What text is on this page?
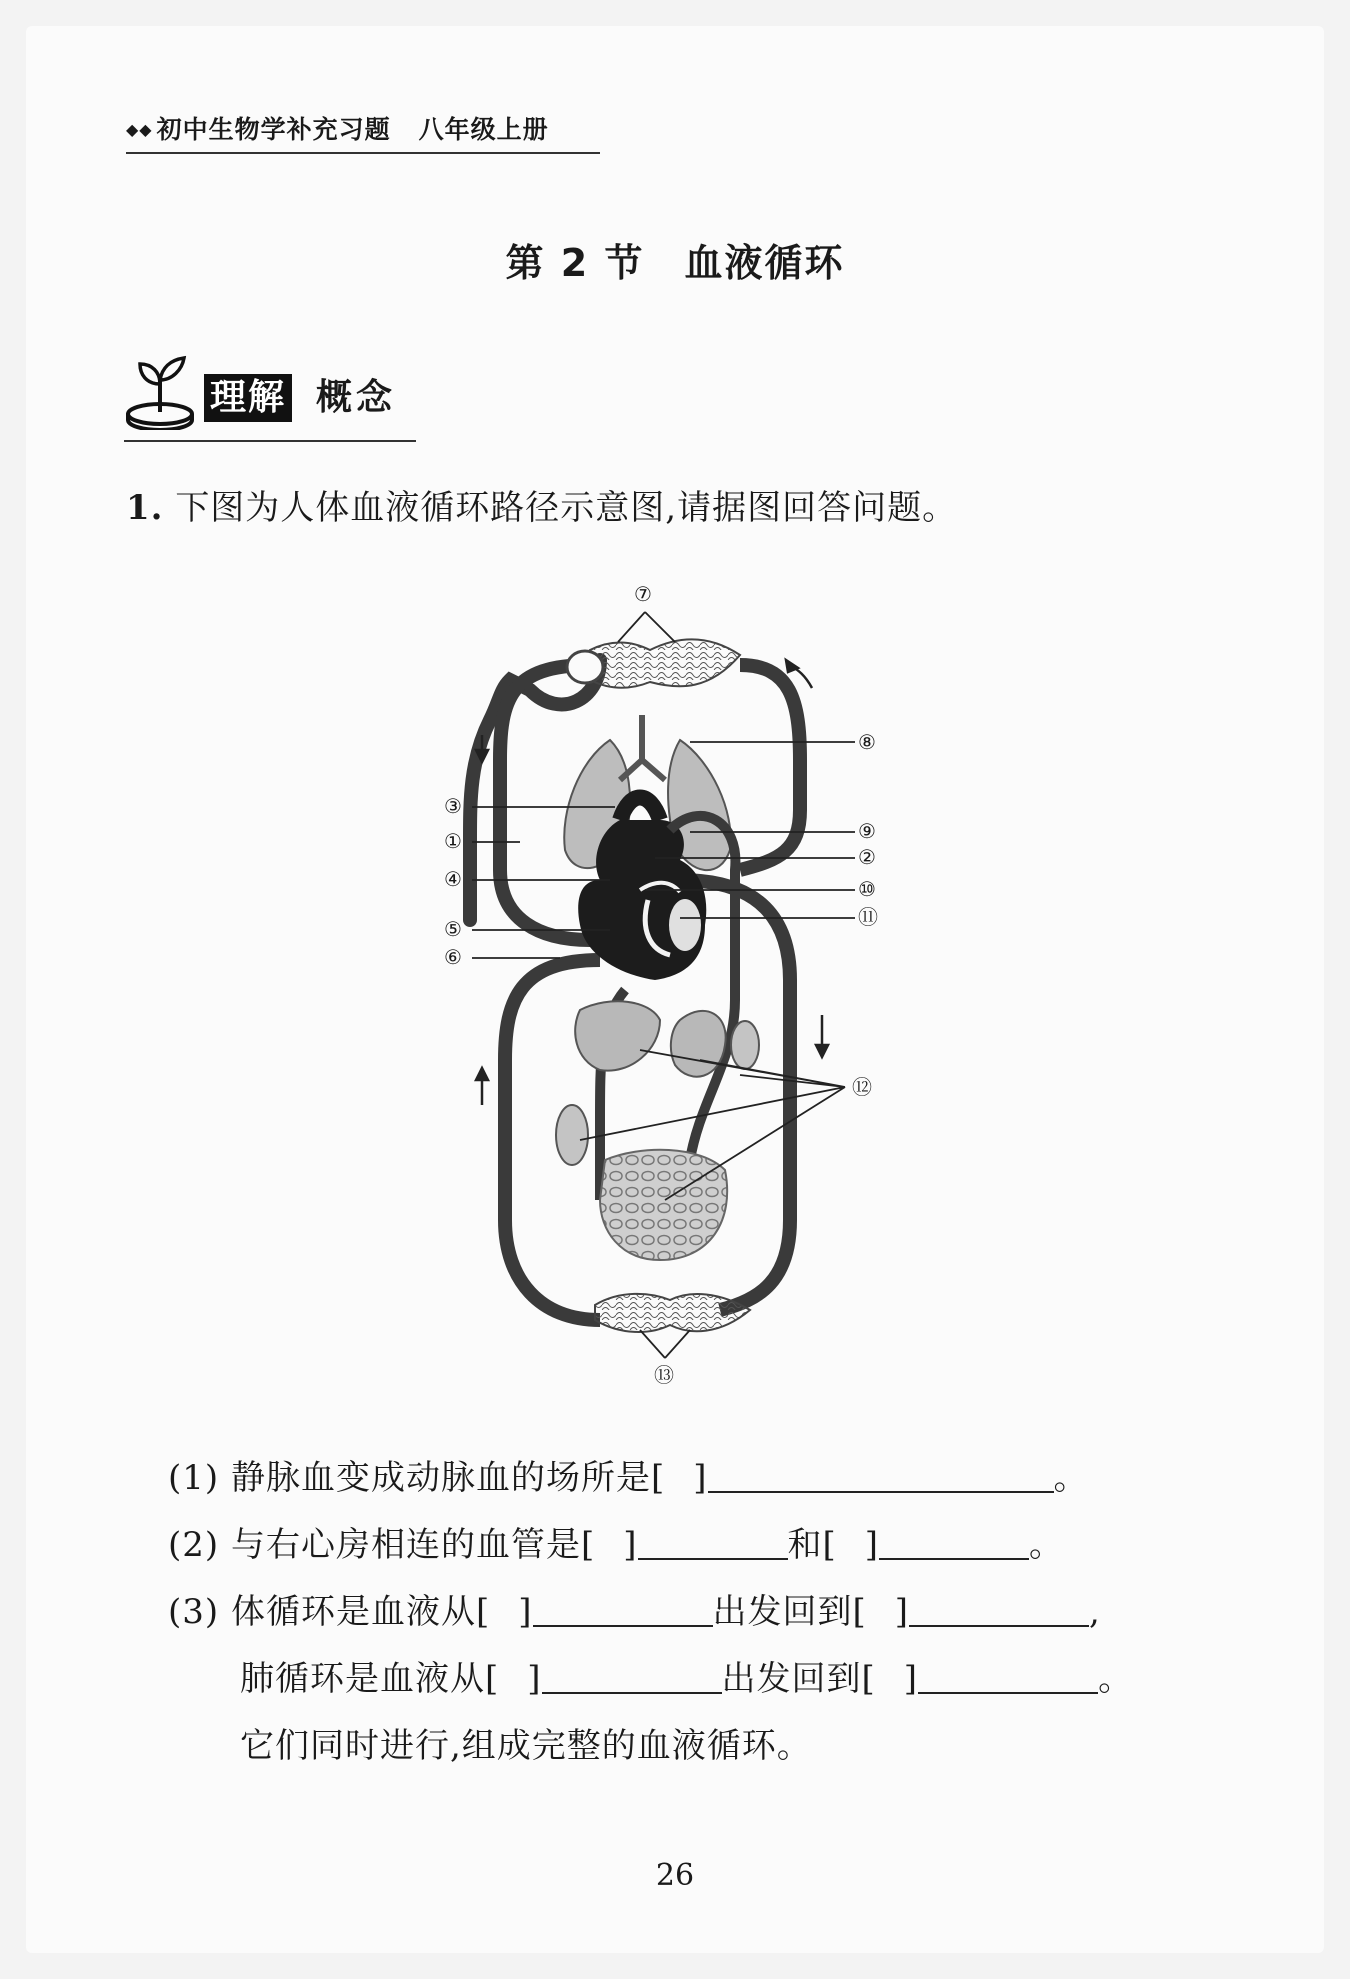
◆◆ 初中生物学补充习题 八年级上册
第 2 节　血液循环
理解 概念
1. 下图为人体血液循环路径示意图,请据图回答问题。
⑦
⑧
③
①
④
⑤
⑥
⑨
②
⑩
⑪
⑫
⑬
(1) 静脉血变成动脉血的场所是[ ]	。
(2) 与右心房相连的血管是[ ]	和[ ]	。
(3) 体循环是血液从[ ]	出发回到[ ]	,
肺循环是血液从[ ]	出发回到[ ]	。
它们同时进行,组成完整的血液循环。
26
